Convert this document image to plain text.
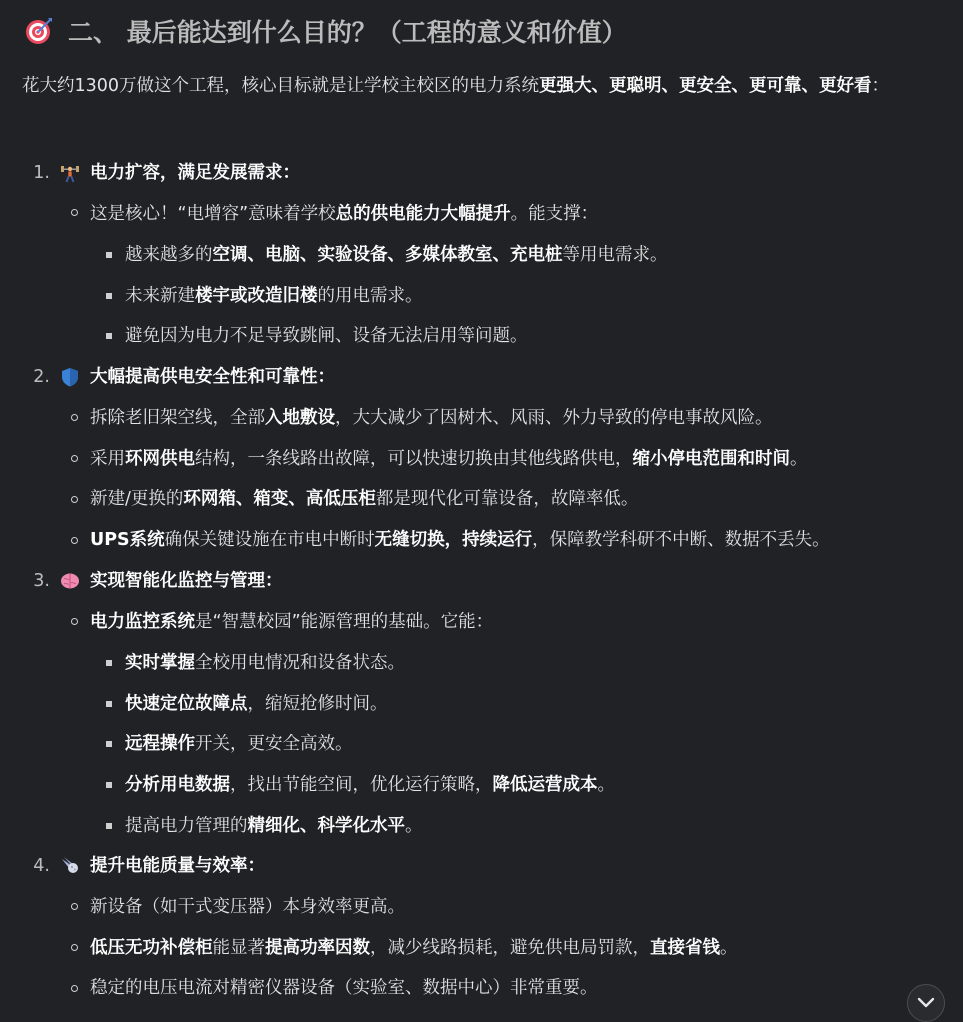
二、 最后能达到什么目的？（工程的意义和价值）
花大约1300万做这个工程，核心目标就是让学校主校区的电力系统更强大、更聪明、更安全、更可靠、更好看：
1. 电力扩容，满足发展需求：
这是核心！“电增容”意味着学校 总的供电能力大幅提升 。能支撑：
越来越多的 空调、电脑、实验设备、多媒体教室、充电桩 等用电需求。
未来新建 楼宇或改造旧楼 的用电需求。
避免因为电力不足导致跳闸、设备无法启用等问题。
2. 大幅提高供电安全性和可靠性：
拆除老旧架空线，全部 入地敷设 ，大大减少了因树木、风雨、外力导致的停电事故风险。
采用 环网供电 结构，一条线路出故障，可以快速切换由其他线路供电， 缩小停电范围和时间 。
新建/更换的 环网箱、箱变、高低压柜 都是现代化可靠设备，故障率低。
UPS系统 确保关键设施在市电中断时 无缝切换，持续运行 ，保障教学科研不中断、数据不丢失。
3. 实现智能化监控与管理：
电力监控系统 是“智慧校园”能源管理的基础。它能：
实时掌握 全校用电情况和设备状态。
快速定位故障点 ，缩短抢修时间。
远程操作 开关，更安全高效。
分析用电数据 ，找出节能空间，优化运行策略， 降低运营成本 。
提高电力管理的 精细化、科学化水平 。
4. 提升电能质量与效率：
新设备（如干式变压器）本身效率更高。
低压无功补偿柜 能显著 提高功率因数 ，减少线路损耗，避免供电局罚款， 直接省钱 。
稳定的电压电流对精密仪器设备（实验室、数据中心）非常重要。
